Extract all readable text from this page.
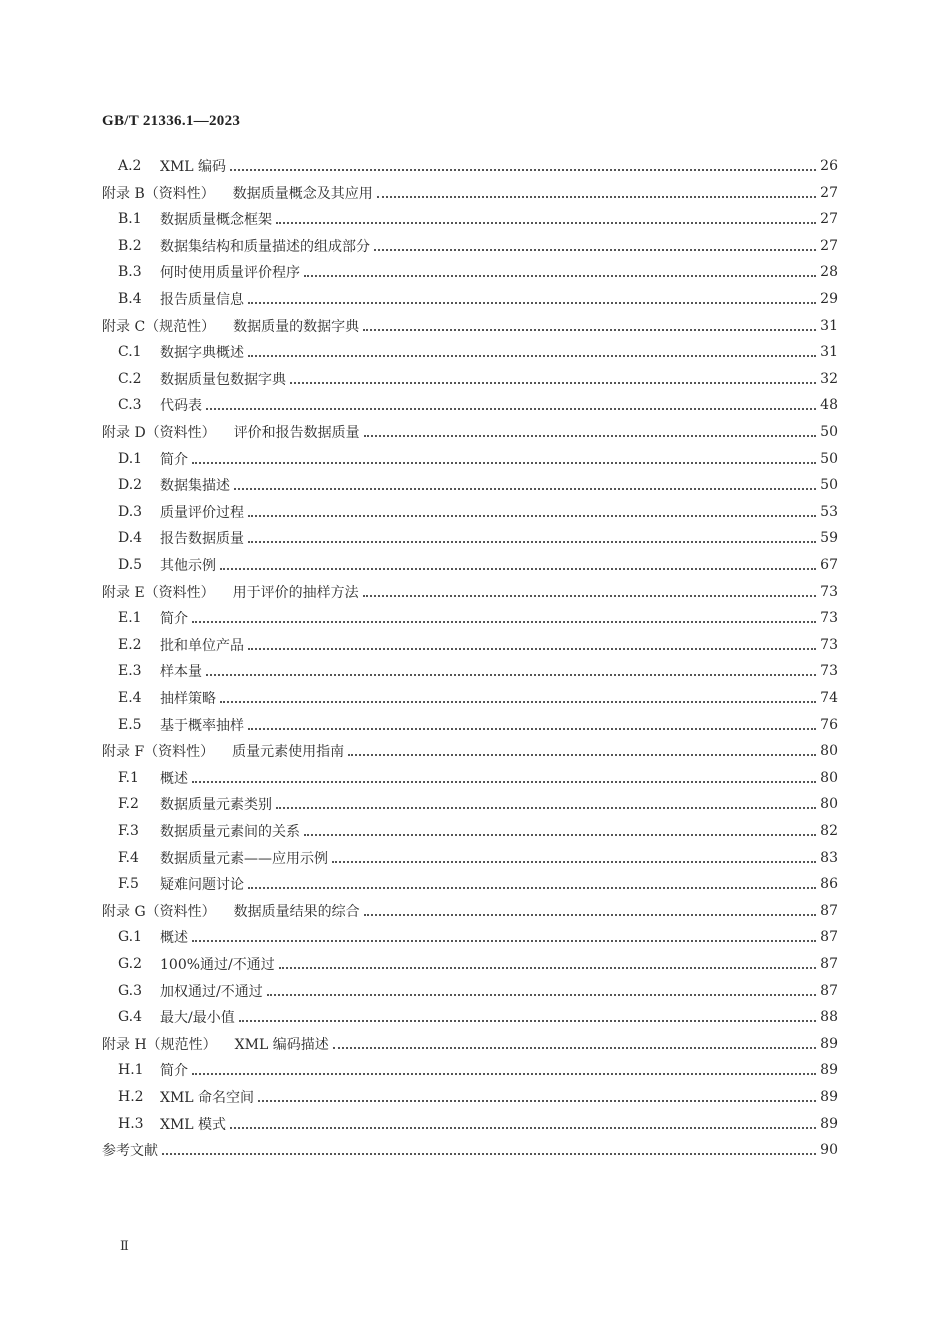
GB/T 21336.1—2023
A.2	XML 编码	26
附录 B（资料性） 数据质量概念及其应用	27
B.1	数据质量概念框架	27
B.2	数据集结构和质量描述的组成部分	27
B.3	何时使用质量评价程序	28
B.4	报告质量信息	29
附录 C（规范性） 数据质量的数据字典	31
C.1	数据字典概述	31
C.2	数据质量包数据字典	32
C.3	代码表	48
附录 D（资料性） 评价和报告数据质量	50
D.1	简介	50
D.2	数据集描述	50
D.3	质量评价过程	53
D.4	报告数据质量	59
D.5	其他示例	67
附录 E（资料性） 用于评价的抽样方法	73
E.1	简介	73
E.2	批和单位产品	73
E.3	样本量	73
E.4	抽样策略	74
E.5	基于概率抽样	76
附录 F（资料性） 质量元素使用指南	80
F.1	概述	80
F.2	数据质量元素类别	80
F.3	数据质量元素间的关系	82
F.4	数据质量元素——应用示例	83
F.5	疑难问题讨论	86
附录 G（资料性） 数据质量结果的综合	87
G.1	概述	87
G.2	100%通过/不通过	87
G.3	加权通过/不通过	87
G.4	最大/最小值	88
附录 H（规范性） XML 编码描述	89
H.1	简介	89
H.2	XML 命名空间	89
H.3	XML 模式	89
参考文献	90
Ⅱ
